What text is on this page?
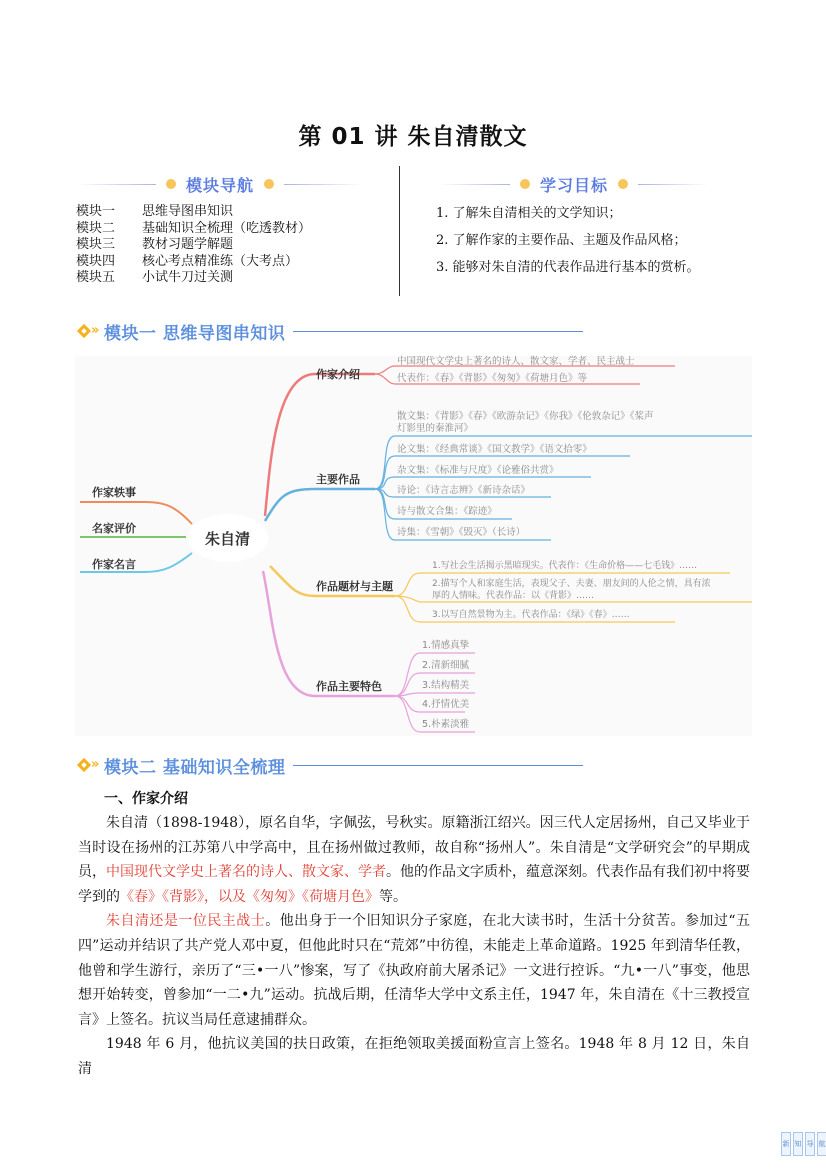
第 01 讲 朱自清散文
模块导航
模块一	思维导图串知识
模块二	基础知识全梳理（吃透教材）
模块三	教材习题学解题
模块四	核心考点精准练（大考点）
模块五	小试牛刀过关测
学习目标
1. 了解朱自清相关的文学知识；
2. 了解作家的主要作品、主题及作品风格；
3. 能够对朱自清的代表作品进行基本的赏析。
» 模块一 思维导图串知识
朱自清
作家轶事
名家评价
作家名言
作家介绍
主要作品
作品题材与主题
作品主要特色
中国现代文学史上著名的诗人、散文家、学者、民主战士
代表作：《春》《背影》《匆匆》《荷塘月色》等
散文集：《背影》《春》《欧游杂记》《你我》《伦敦杂记》《桨声
灯影里的秦淮河》
论文集：《经典常谈》《国文教学》《语文拾零》
杂文集：《标准与尺度》《论雅俗共赏》
诗论：《诗言志辨》《新诗杂话》
诗与散文合集：《踪迹》
诗集：《雪朝》《毁灭》（长诗）
1.写社会生活揭示黑暗现实。代表作：《生命价格——七毛钱》……
2.描写个人和家庭生活，表现父子、夫妻、朋友间的人伦之情，具有浓
厚的人情味。代表作品：以《背影》……
3.以写自然景物为主。代表作品：《绿》《春》……
1.情感真挚
2.清新细腻
3.结构精美
4.抒情优美
5.朴素淡雅
» 模块二 基础知识全梳理
一、作家介绍

朱自清（1898-1948），原名自华，字佩弦，号秋实。原籍浙江绍兴。因三代人定居扬州，自己又毕业于当时设在扬州的江苏第八中学高中，且在扬州做过教师，故自称“扬州人”。朱自清是“文学研究会”的早期成员，中国现代文学史上著名的诗人、散文家、学者。他的作品文字质朴，蕴意深刻。代表作品有我们初中将要学到的《春》《背影》，以及《匆匆》《荷塘月色》等。

朱自清还是一位民主战士。他出身于一个旧知识分子家庭，在北大读书时，生活十分贫苦。参加过“五四”运动并结识了共产党人邓中夏，但他此时只在“荒郊”中彷徨，未能走上革命道路。1925 年到清华任教，他曾和学生游行，亲历了“三•一八”惨案，写了《执政府前大屠杀记》一文进行控诉。“九•一八”事变，他思想开始转变，曾参加“一二•九”运动。抗战后期，任清华大学中文系主任，1947 年，朱自清在《十三教授宣言》上签名。抗议当局任意逮捕群众。

1948 年 6 月，他抗议美国的扶日政策，在拒绝领取美援面粉宣言上签名。1948 年 8 月 12 日，朱自清

新 知 导 航
